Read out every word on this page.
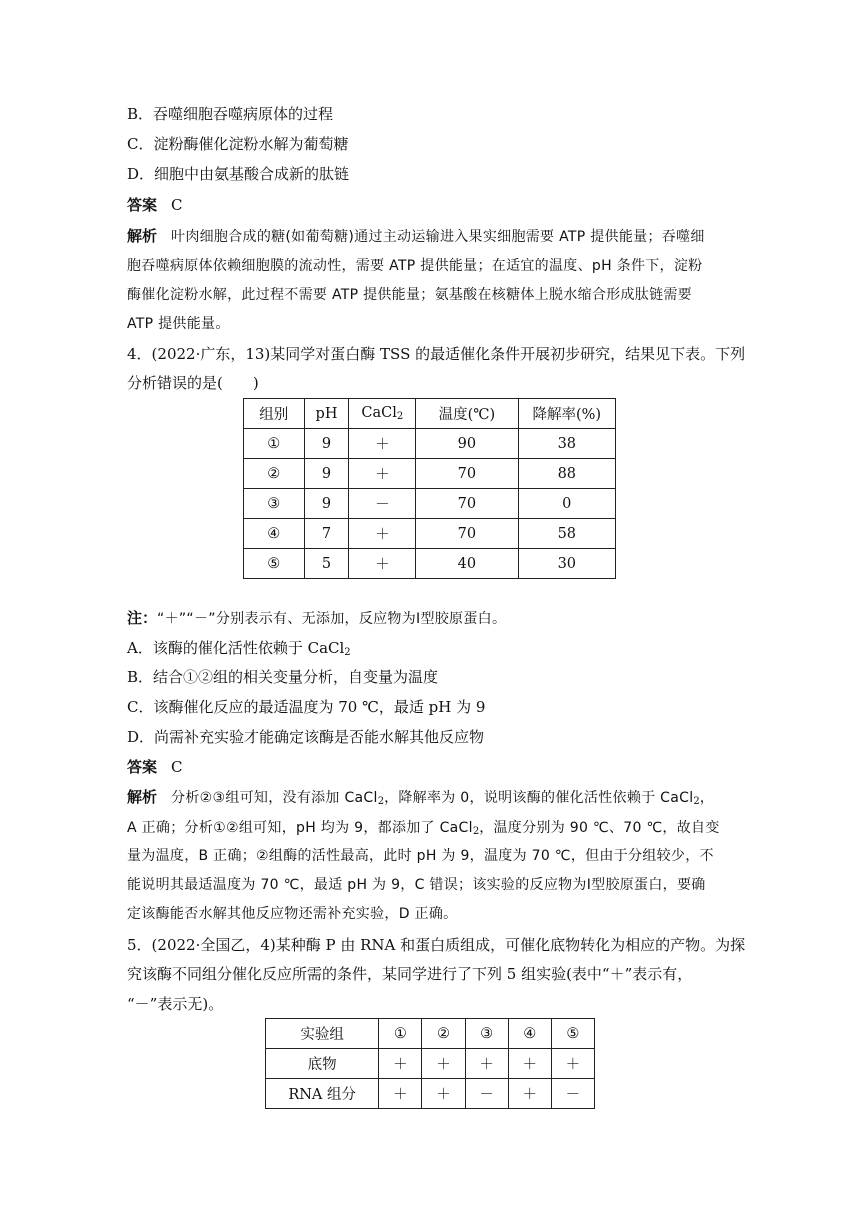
B．吞噬细胞吞噬病原体的过程
C．淀粉酶催化淀粉水解为葡萄糖
D．细胞中由氨基酸合成新的肽链
答案 C
解析 叶肉细胞合成的糖(如葡萄糖)通过主动运输进入果实细胞需要 ATP 提供能量；吞噬细
胞吞噬病原体依赖细胞膜的流动性，需要 ATP 提供能量；在适宜的温度、pH 条件下，淀粉
酶催化淀粉水解，此过程不需要 ATP 提供能量；氨基酸在核糖体上脱水缩合形成肽链需要
ATP 提供能量。
4．(2022·广东，13)某同学对蛋白酶 TSS 的最适催化条件开展初步研究，结果见下表。下列
分析错误的是(　　)
组别	pH	CaCl$_2$	温度(℃)	降解率(%)
①	9	＋	90	38
②	9	＋	70	88
③	9	－	70	0
④	7	＋	70	58
⑤	5	＋	40	30
注：“＋”“－”分别表示有、无添加，反应物为Ⅰ型胶原蛋白。
A．该酶的催化活性依赖于 CaCl$_2$
B．结合①②组的相关变量分析，自变量为温度
C．该酶催化反应的最适温度为 70 ℃，最适 pH 为 9
D．尚需补充实验才能确定该酶是否能水解其他反应物
答案 C
解析 分析②③组可知，没有添加 CaCl$_2$，降解率为 0，说明该酶的催化活性依赖于 CaCl$_2$，
A 正确；分析①②组可知，pH 均为 9，都添加了 CaCl$_2$，温度分别为 90 ℃、70 ℃，故自变
量为温度，B 正确；②组酶的活性最高，此时 pH 为 9，温度为 70 ℃，但由于分组较少，不
能说明其最适温度为 70 ℃，最适 pH 为 9，C 错误；该实验的反应物为Ⅰ型胶原蛋白，要确
定该酶能否水解其他反应物还需补充实验，D 正确。
5．(2022·全国乙，4)某种酶 P 由 RNA 和蛋白质组成，可催化底物转化为相应的产物。为探
究该酶不同组分催化反应所需的条件，某同学进行了下列 5 组实验(表中“＋”表示有，
“－”表示无)。
实验组	①	②	③	④	⑤
底物	＋	＋	＋	＋	＋
RNA 组分	＋	＋	－	＋	－
